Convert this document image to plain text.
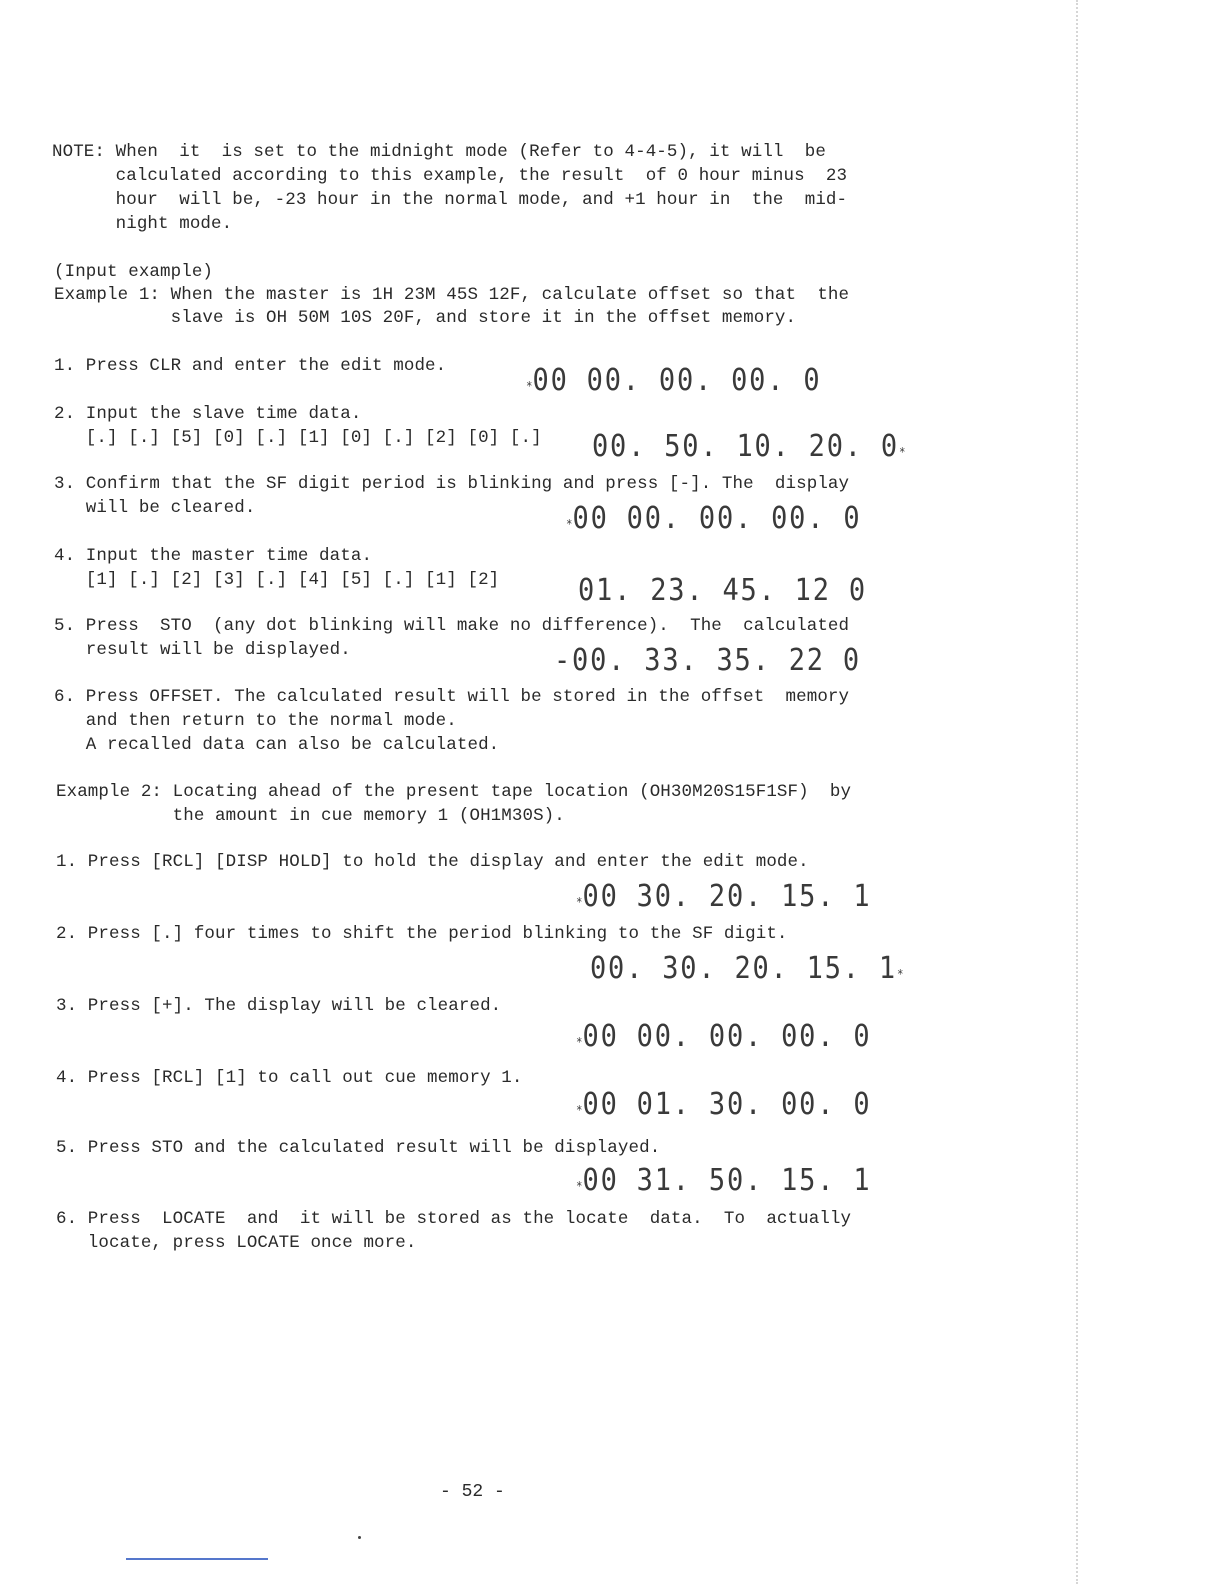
NOTE: When  it  is set to the midnight mode (Refer to 4-4-5), it will  be
calculated according to this example, the result  of 0 hour minus  23
hour  will be, -23 hour in the normal mode, and +1 hour in  the  mid-
night mode.
(Input example)
Example 1: When the master is 1H 23M 45S 12F, calculate offset so that  the
slave is OH 50M 10S 20F, and store it in the offset memory.
1. Press CLR and enter the edit mode.
*00 00. 00. 00. 0
2. Input the slave time data.
[.] [.] [5] [0] [.] [1] [0] [.] [2] [0] [.] 00. 50. 10. 20. 0*
3. Confirm that the SF digit period is blinking and press [-]. The  display
will be cleared.
*00 00. 00. 00. 0
4. Input the master time data.
[1] [.] [2] [3] [.] [4] [5] [.] [1] [2]	01. 23. 45. 12 0
5. Press  STO  (any dot blinking will make no difference).  The  calculated
result will be displayed.	-00. 33. 35. 22 0
6. Press OFFSET. The calculated result will be stored in the offset  memory
and then return to the normal mode.
A recalled data can also be calculated.
Example 2: Locating ahead of the present tape location (OH30M20S15F1SF)  by
the amount in cue memory 1 (OH1M30S).
1. Press [RCL] [DISP HOLD] to hold the display and enter the edit mode.
*00 30. 20. 15. 1
2. Press [.] four times to shift the period blinking to the SF digit.
00. 30. 20. 15. 1*
3. Press [+]. The display will be cleared.
*00 00. 00. 00. 0
4. Press [RCL] [1] to call out cue memory 1.
*00 01. 30. 00. 0
5. Press STO and the calculated result will be displayed.
*00 31. 50. 15. 1
6. Press  LOCATE  and  it will be stored as the locate  data.  To  actually
locate, press LOCATE once more.
- 52 -
